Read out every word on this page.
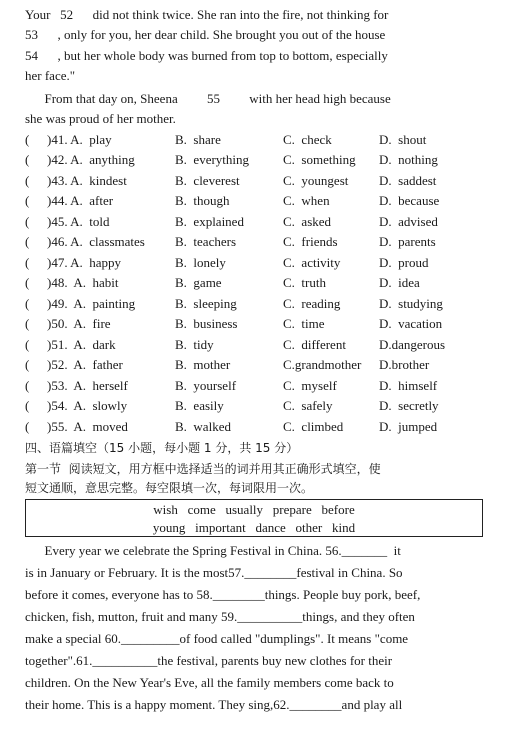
Your   52      did not think twice. She ran into the fire, not thinking for
53      , only for you, her dear child. She brought you out of the house
54      , but her whole body was burned from top to bottom, especially
her face."
From that day on, Sheena         55         with her head high because
she was proud of her mother.
( )41. A.  play	B.  share	C.  check	D.  shout
( )42. A.  anything	B.  everything	C.  something D.  nothing
( )43. A.  kindest	B.  cleverest	C.  youngest D.  saddest
( )44. A.  after	B.  though	C.  when	D.  because
( )45. A.  told	B.  explained	C.  asked	D.  advised
( )46. A.  classmates B.  teachers	C.  friends	D.  parents
( )47. A.  happy	B.  lonely	C.  activity	D.  proud
( )48.  A.  habit	B.  game	C.  truth	D.  idea
( )49.  A.  painting	B.  sleeping	C.  reading	D.  studying
( )50.  A.  fire	B.  business	C.  time	D.  vacation
( )51.  A.  dark	B.  tidy	C.  different	D.dangerous
( )52.  A.  father	B.  mother	C.grandmother D.brother
( )53.  A.  herself	B.  yourself	C.  myself	D.  himself
( )54.  A.  slowly	B.  easily	C.  safely	D.  secretly
( )55.  A.  moved	B.  walked	C.  climbed	D.  jumped
四、语篇填空（15 小题，每小题 1 分，共 15 分）
第一节  阅读短文，用方框中选择适当的词并用其正确形式填空，使
短文通顺，意思完整。每空限填一次，每词限用一次。
wish   come   usually   prepare   before
young   important   dance   other   kind
Every year we celebrate the Spring Festival in China. 56._______  it
is in January or February. It is the most57.________festival in China. So
before it comes, everyone has to 58.________things. People buy pork, beef,
chicken, fish, mutton, fruit and many 59.__________things, and they often
make a special 60._________of food called "dumplings". It means "come
together".61.__________the festival, parents buy new clothes for their
children. On the New Year's Eve, all the family members come back to
their home. This is a happy moment. They sing,62.________and play all
